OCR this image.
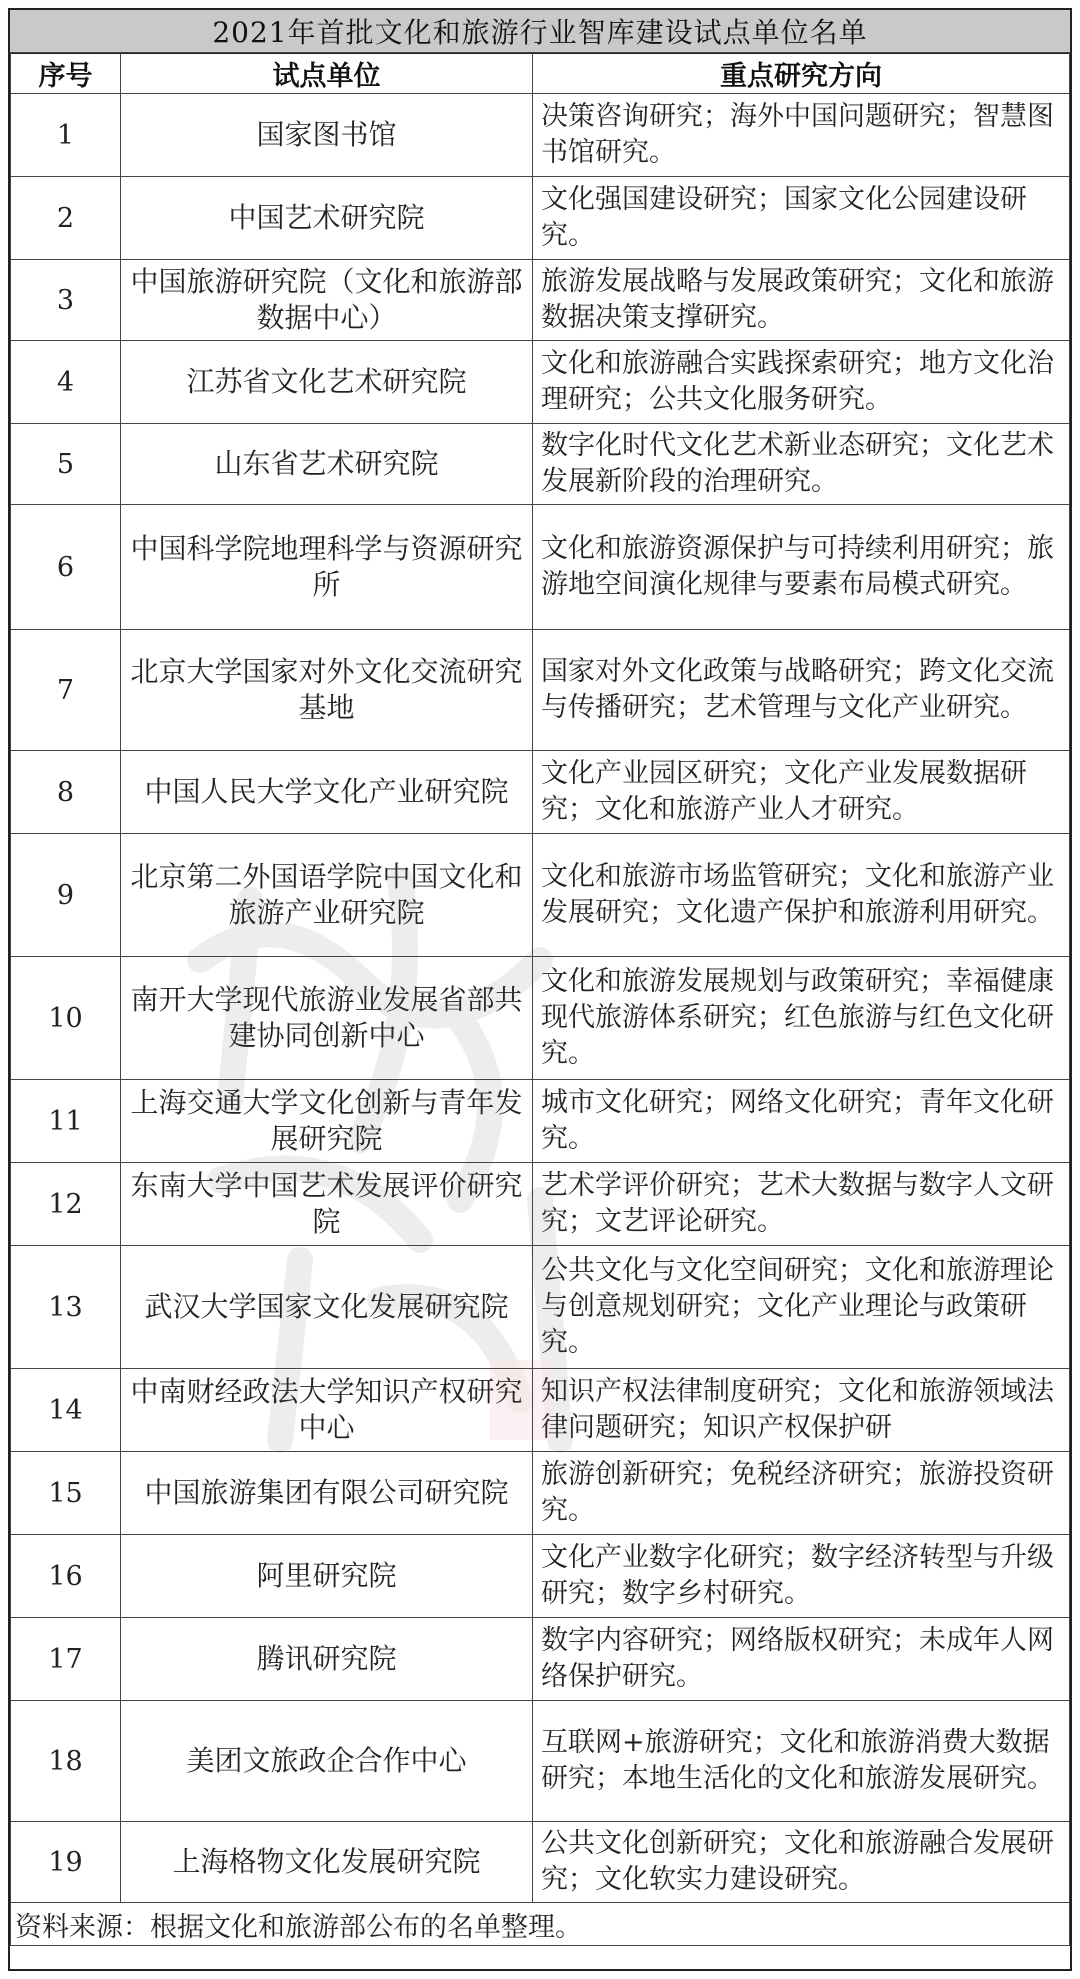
2021年首批文化和旅游行业智库建设试点单位名单
序号	试点单位	重点研究方向
1	国家图书馆	决策咨询研究；海外中国问题研究；智慧图书馆研究。
2	中国艺术研究院	文化强国建设研究；国家文化公园建设研究。
3	中国旅游研究院（文化和旅游部数据中心）	旅游发展战略与发展政策研究；文化和旅游数据决策支撑研究。
4	江苏省文化艺术研究院	文化和旅游融合实践探索研究；地方文化治理研究；公共文化服务研究。
5	山东省艺术研究院	数字化时代文化艺术新业态研究；文化艺术发展新阶段的治理研究。
6	中国科学院地理科学与资源研究所	文化和旅游资源保护与可持续利用研究；旅游地空间演化规律与要素布局模式研究。
7	北京大学国家对外文化交流研究基地	国家对外文化政策与战略研究；跨文化交流与传播研究；艺术管理与文化产业研究。
8	中国人民大学文化产业研究院	文化产业园区研究；文化产业发展数据研究；文化和旅游产业人才研究。
9	北京第二外国语学院中国文化和旅游产业研究院	文化和旅游市场监管研究；文化和旅游产业发展研究；文化遗产保护和旅游利用研究。
10	南开大学现代旅游业发展省部共建协同创新中心	文化和旅游发展规划与政策研究；幸福健康现代旅游体系研究；红色旅游与红色文化研究。
11	上海交通大学文化创新与青年发展研究院	城市文化研究；网络文化研究；青年文化研究。
12	东南大学中国艺术发展评价研究院	艺术学评价研究；艺术大数据与数字人文研究；文艺评论研究。
13	武汉大学国家文化发展研究院	公共文化与文化空间研究；文化和旅游理论与创意规划研究；文化产业理论与政策研究。
14	中南财经政法大学知识产权研究中心	知识产权法律制度研究；文化和旅游领域法律问题研究；知识产权保护研
15	中国旅游集团有限公司研究院	旅游创新研究；免税经济研究；旅游投资研究。
16	阿里研究院	文化产业数字化研究；数字经济转型与升级研究；数字乡村研究。
17	腾讯研究院	数字内容研究；网络版权研究；未成年人网络保护研究。
18	美团文旅政企合作中心	互联网+旅游研究；文化和旅游消费大数据研究；本地生活化的文化和旅游发展研究。
19	上海格物文化发展研究院	公共文化创新研究；文化和旅游融合发展研究；文化软实力建设研究。
资料来源：根据文化和旅游部公布的名单整理。		
